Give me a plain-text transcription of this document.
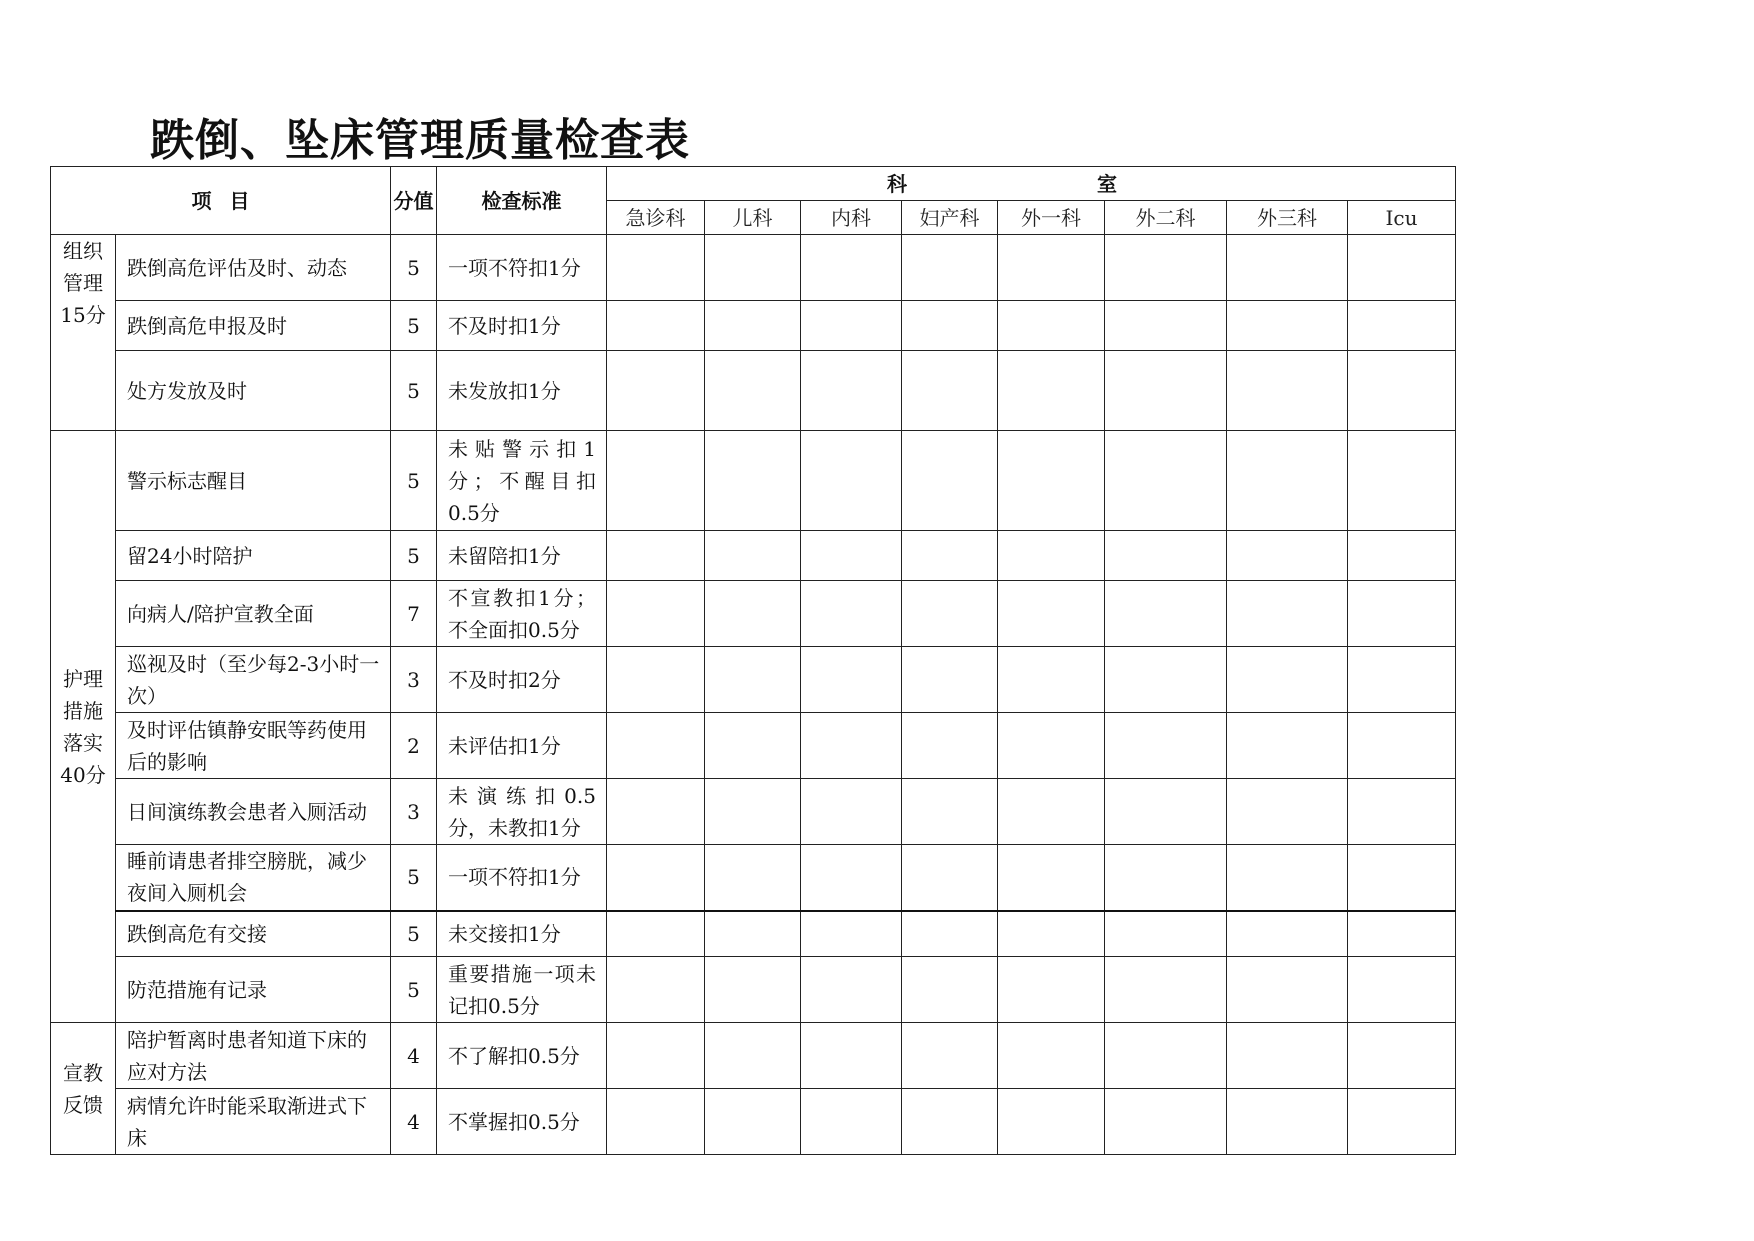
跌倒、坠床管理质量检查表
项目		分值	检查标准	科 室							

				急诊科	儿科	内科	妇产科	外一科	外二科	外三科	Icu
组织管理15分	跌倒高危评估及时、动态	5	一项不符扣1分								
	跌倒高危申报及时	5	不及时扣1分								
	处方发放及时	5	未发放扣1分								
护理措施落实40分	警示标志醒目	5	未贴警示扣1分；不醒目扣0.5分								
	留24小时陪护	5	未留陪扣1分								
	向病人/陪护宣教全面	7	不宣教扣1分；不全面扣0.5分								
	巡视及时（至少每2-3小时一次）	3	不及时扣2分								
	及时评估镇静安眠等药使用后的影响	2	未评估扣1分								
	日间演练教会患者入厕活动	3	未演练扣0.5分，未教扣1分								
	睡前请患者排空膀胱，减少夜间入厕机会	5	一项不符扣1分								
	跌倒高危有交接	5	未交接扣1分								
	防范措施有记录	5	重要措施一项未记扣0.5分								
宣教反馈	陪护暂离时患者知道下床的应对方法	4	不了解扣0.5分								
	病情允许时能采取渐进式下床	4	不掌握扣0.5分								
